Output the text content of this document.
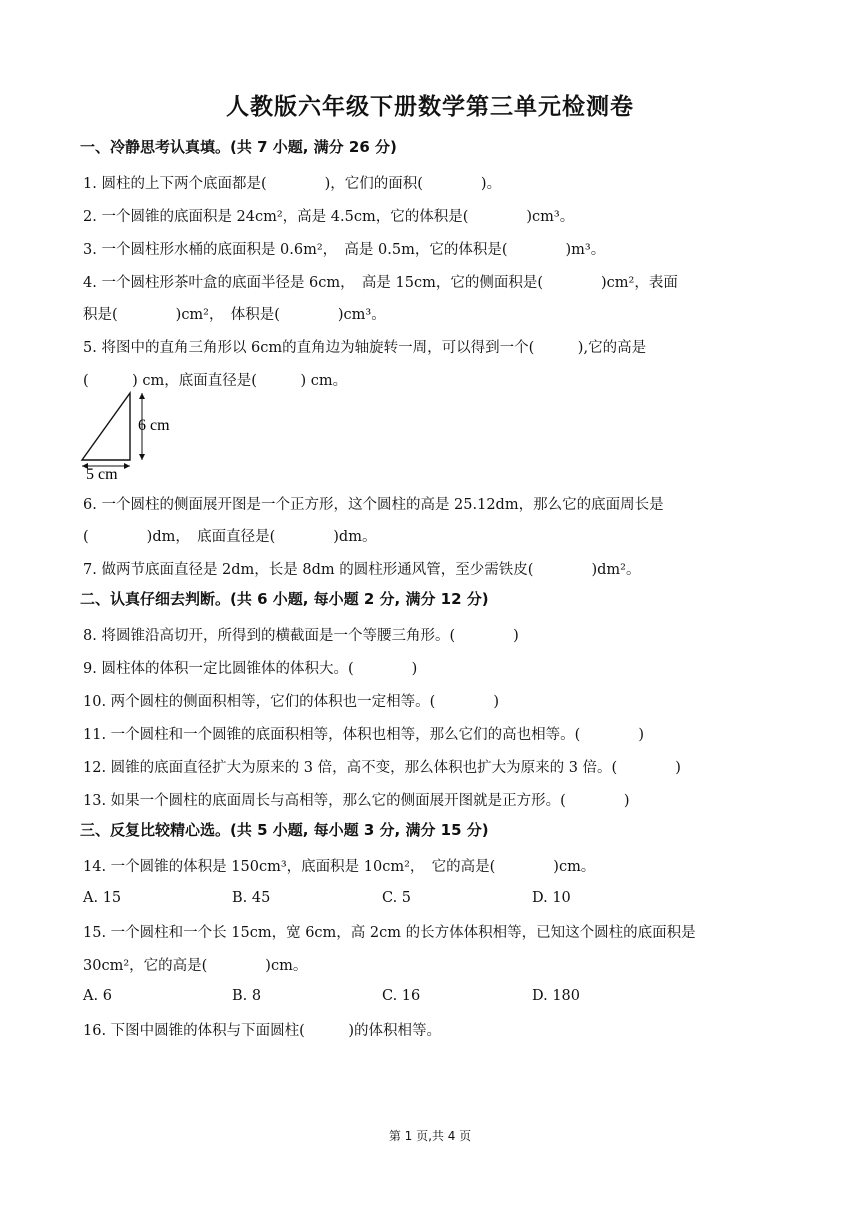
人教版六年级下册数学第三单元检测卷
一、冷静思考认真填。(共 7 小题, 满分 26 分)
1. 圆柱的上下两个底面都是(　　　　)，它们的面积(　　　　)。
2. 一个圆锥的底面积是 24cm²，高是 4.5cm，它的体积是(　　　　)cm³。
3. 一个圆柱形水桶的底面积是 0.6m²，　高是 0.5m，它的体积是(　　　　)m³。
4. 一个圆柱形茶叶盒的底面半径是 6cm，　高是 15cm，它的侧面积是(　　　　)cm²，表面
积是(　　　　)cm²，　体积是(　　　　)cm³。
5. 将图中的直角三角形以 6cm的直角边为轴旋转一周，可以得到一个(　　　),它的高是
(　　　) cm，底面直径是(　　　) cm。
6 cm
5 cm
6. 一个圆柱的侧面展开图是一个正方形，这个圆柱的高是 25.12dm，那么它的底面周长是
(　　　　)dm，　底面直径是(　　　　)dm。
7. 做两节底面直径是 2dm，长是 8dm 的圆柱形通风管，至少需铁皮(　　　　)dm²。
二、认真仔细去判断。(共 6 小题, 每小题 2 分, 满分 12 分)
8. 将圆锥沿高切开，所得到的横截面是一个等腰三角形。(　　　　)
9. 圆柱体的体积一定比圆锥体的体积大。(　　　　)
10. 两个圆柱的侧面积相等，它们的体积也一定相等。(　　　　)
11. 一个圆柱和一个圆锥的底面积相等，体积也相等，那么它们的高也相等。(　　　　)
12. 圆锥的底面直径扩大为原来的 3 倍，高不变，那么体积也扩大为原来的 3 倍。(　　　　)
13. 如果一个圆柱的底面周长与高相等，那么它的侧面展开图就是正方形。(　　　　)
三、反复比较精心选。(共 5 小题, 每小题 3 分, 满分 15 分)
14. 一个圆锥的体积是 150cm³，底面积是 10cm²，　它的高是(　　　　)cm。
A. 15	B. 45	C. 5	D. 10
15. 一个圆柱和一个长 15cm，宽 6cm，高 2cm 的长方体体积相等，已知这个圆柱的底面积是
30cm²，它的高是(　　　　)cm。
A. 6	B. 8	C. 16	D. 180
16. 下图中圆锥的体积与下面圆柱(　　　)的体积相等。
第 1 页,共 4 页
